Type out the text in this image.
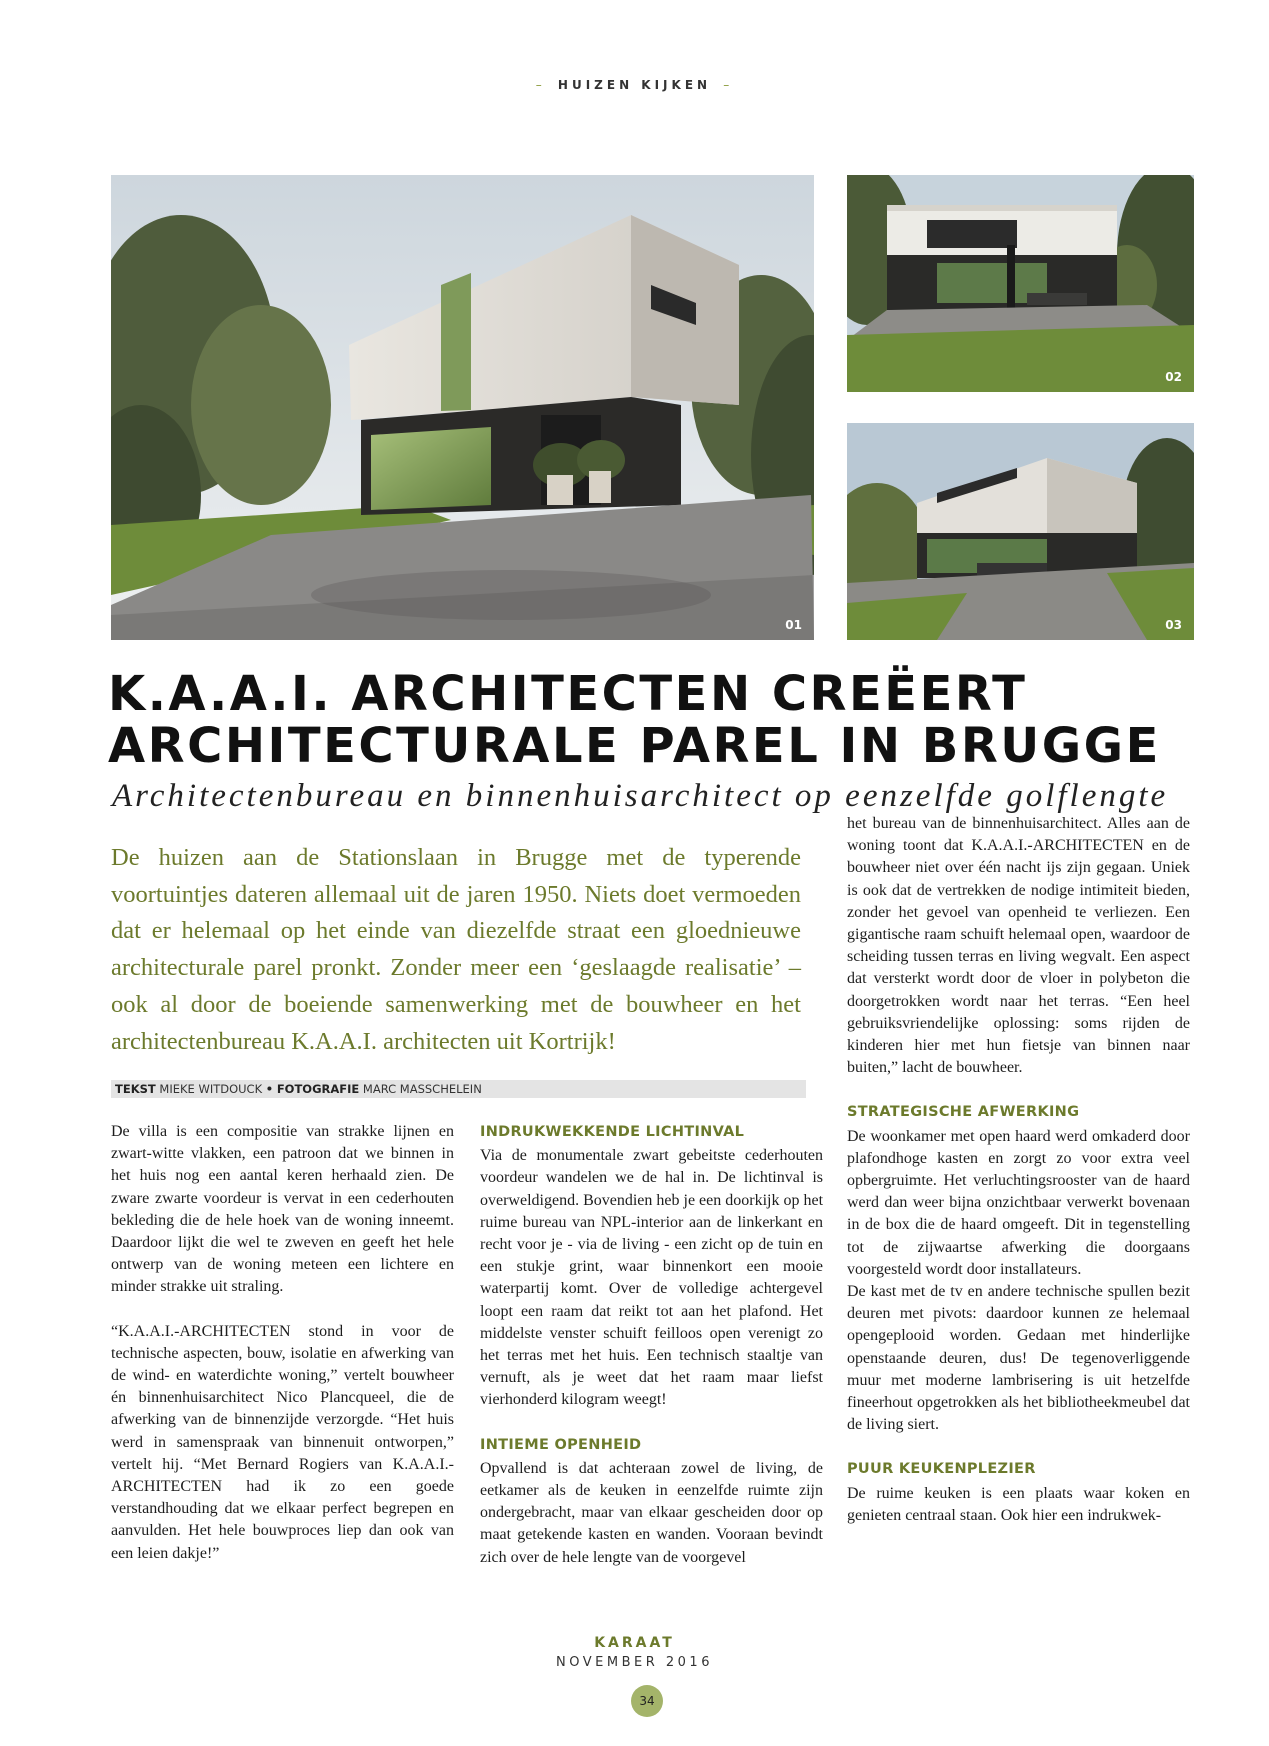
– HUIZEN KIJKEN –
01
02
03
K.A.A.I. ARCHITECTEN CREËERT
ARCHITECTURALE PAREL IN BRUGGE
Architectenbureau en binnenhuisarchitect op eenzelfde golflengte

De huizen aan de Stationslaan in Brugge met de typerende voortuintjes dateren allemaal uit de jaren 1950. Niets doet vermoeden dat er helemaal op het einde van diezelfde straat een gloednieuwe architecturale parel pronkt. Zonder meer een ‘geslaagde realisatie’ – ook al door de boeiende samenwerking met de bouwheer en het architectenbureau K.A.A.I. architecten uit Kortrijk!

TEKST MIEKE WITDOUCK • FOTOGRAFIE MARC MASSCHELEIN

De villa is een compositie van strakke lijnen en zwart-witte vlakken, een patroon dat we binnen in het huis nog een aantal keren herhaald zien. De zware zwarte voordeur is vervat in een cederhouten bekleding die de hele hoek van de woning inneemt. Daardoor lijkt die wel te zweven en geeft het hele ontwerp van de woning meteen een lichtere en minder strakke uit straling.

“K.A.A.I.-ARCHITECTEN stond in voor de technische aspecten, bouw, isolatie en afwerking van de wind- en waterdichte woning,” vertelt bouwheer én binnenhuisarchitect Nico Plancqueel, die de afwerking van de binnenzijde verzorgde. “Het huis werd in samenspraak van binnenuit ontworpen,” vertelt hij. “Met Bernard Rogiers van K.A.A.I.-ARCHITECTEN had ik zo een goede verstandhouding dat we elkaar perfect begrepen en aanvulden. Het hele bouwproces liep dan ook van een leien dakje!”

INDRUKWEKKENDE LICHTINVAL

Via de monumentale zwart gebeitste cederhouten voordeur wandelen we de hal in. De lichtinval is overweldigend. Bovendien heb je een doorkijk op het ruime bureau van NPL-interior aan de linkerkant en recht voor je - via de living - een zicht op de tuin en een stukje grint, waar binnenkort een mooie waterpartij komt. Over de volledige achtergevel loopt een raam dat reikt tot aan het plafond. Het middelste venster schuift feilloos open verenigt zo het terras met het huis. Een technisch staaltje van vernuft, als je weet dat het raam maar liefst vierhonderd kilogram weegt!

INTIEME OPENHEID

Opvallend is dat achteraan zowel de living, de eetkamer als de keuken in eenzelfde ruimte zijn ondergebracht, maar van elkaar gescheiden door op maat getekende kasten en wanden. Vooraan bevindt zich over de hele lengte van de voorgevel

het bureau van de binnenhuisarchitect. Alles aan de woning toont dat K.A.A.I.-ARCHITECTEN en de bouwheer niet over één nacht ijs zijn gegaan. Uniek is ook dat de vertrekken de nodige intimiteit bieden, zonder het gevoel van openheid te verliezen. Een gigantische raam schuift helemaal open, waardoor de scheiding tussen terras en living wegvalt. Een aspect dat versterkt wordt door de vloer in polybeton die doorgetrokken wordt naar het terras. “Een heel gebruiksvriendelijke oplossing: soms rijden de kinderen hier met hun fietsje van binnen naar buiten,” lacht de bouwheer.

STRATEGISCHE AFWERKING

De woonkamer met open haard werd omkaderd door plafondhoge kasten en zorgt zo voor extra veel opbergruimte. Het verluchtingsrooster van de haard werd dan weer bijna onzichtbaar verwerkt bovenaan in de box die de haard omgeeft. Dit in tegenstelling tot de zijwaartse afwerking die doorgaans voorgesteld wordt door installateurs.

De kast met de tv en andere technische spullen bezit deuren met pivots: daardoor kunnen ze helemaal opengeplooid worden. Gedaan met hinderlijke openstaande deuren, dus! De tegenoverliggende muur met moderne lambrisering is uit hetzelfde fineerhout opgetrokken als het bibliotheekmeubel dat de living siert.

PUUR KEUKENPLEZIER

De ruime keuken is een plaats waar koken en genieten centraal staan. Ook hier een indrukwek-

KARAAT
NOVEMBER 2016
34
